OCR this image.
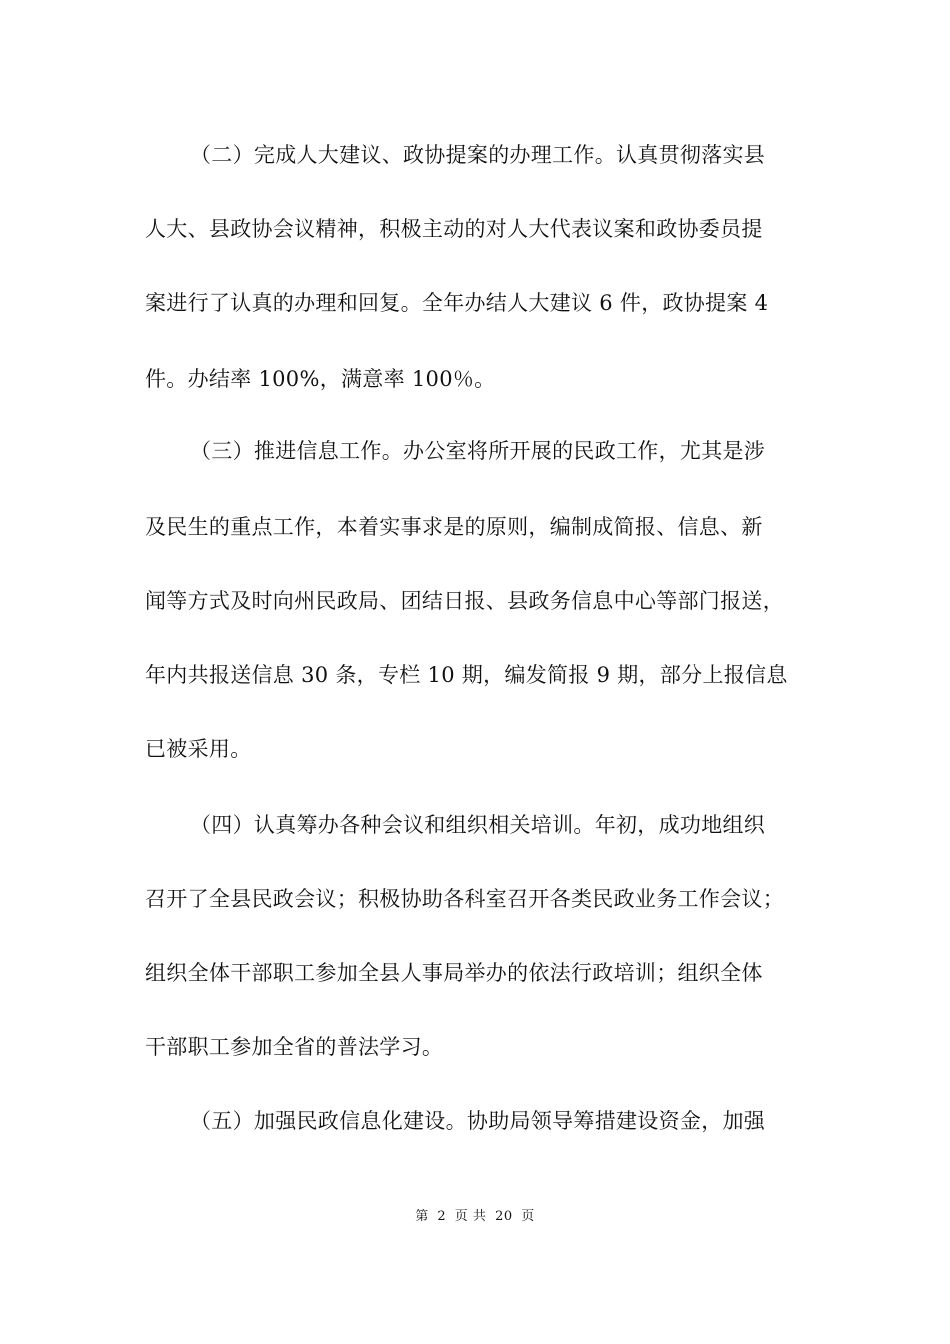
（二）完成人大建议、政协提案的办理工作。认真贯彻落实县

人大、县政协会议精神，积极主动的对人大代表议案和政协委员提

案进行了认真的办理和回复。全年办结人大建议 6 件，政协提案 4

件。办结率 100%，满意率 100％。

（三）推进信息工作。办公室将所开展的民政工作，尤其是涉

及民生的重点工作，本着实事求是的原则，编制成简报、信息、新

闻等方式及时向州民政局、团结日报、县政务信息中心等部门报送，

年内共报送信息 30 条，专栏 10 期，编发简报 9 期，部分上报信息

已被采用。

（四）认真筹办各种会议和组织相关培训。年初，成功地组织

召开了全县民政会议；积极协助各科室召开各类民政业务工作会议；

组织全体干部职工参加全县人事局举办的依法行政培训；组织全体

干部职工参加全省的普法学习。

（五）加强民政信息化建设。协助局领导筹措建设资金，加强

第 2 页 共 20 页
